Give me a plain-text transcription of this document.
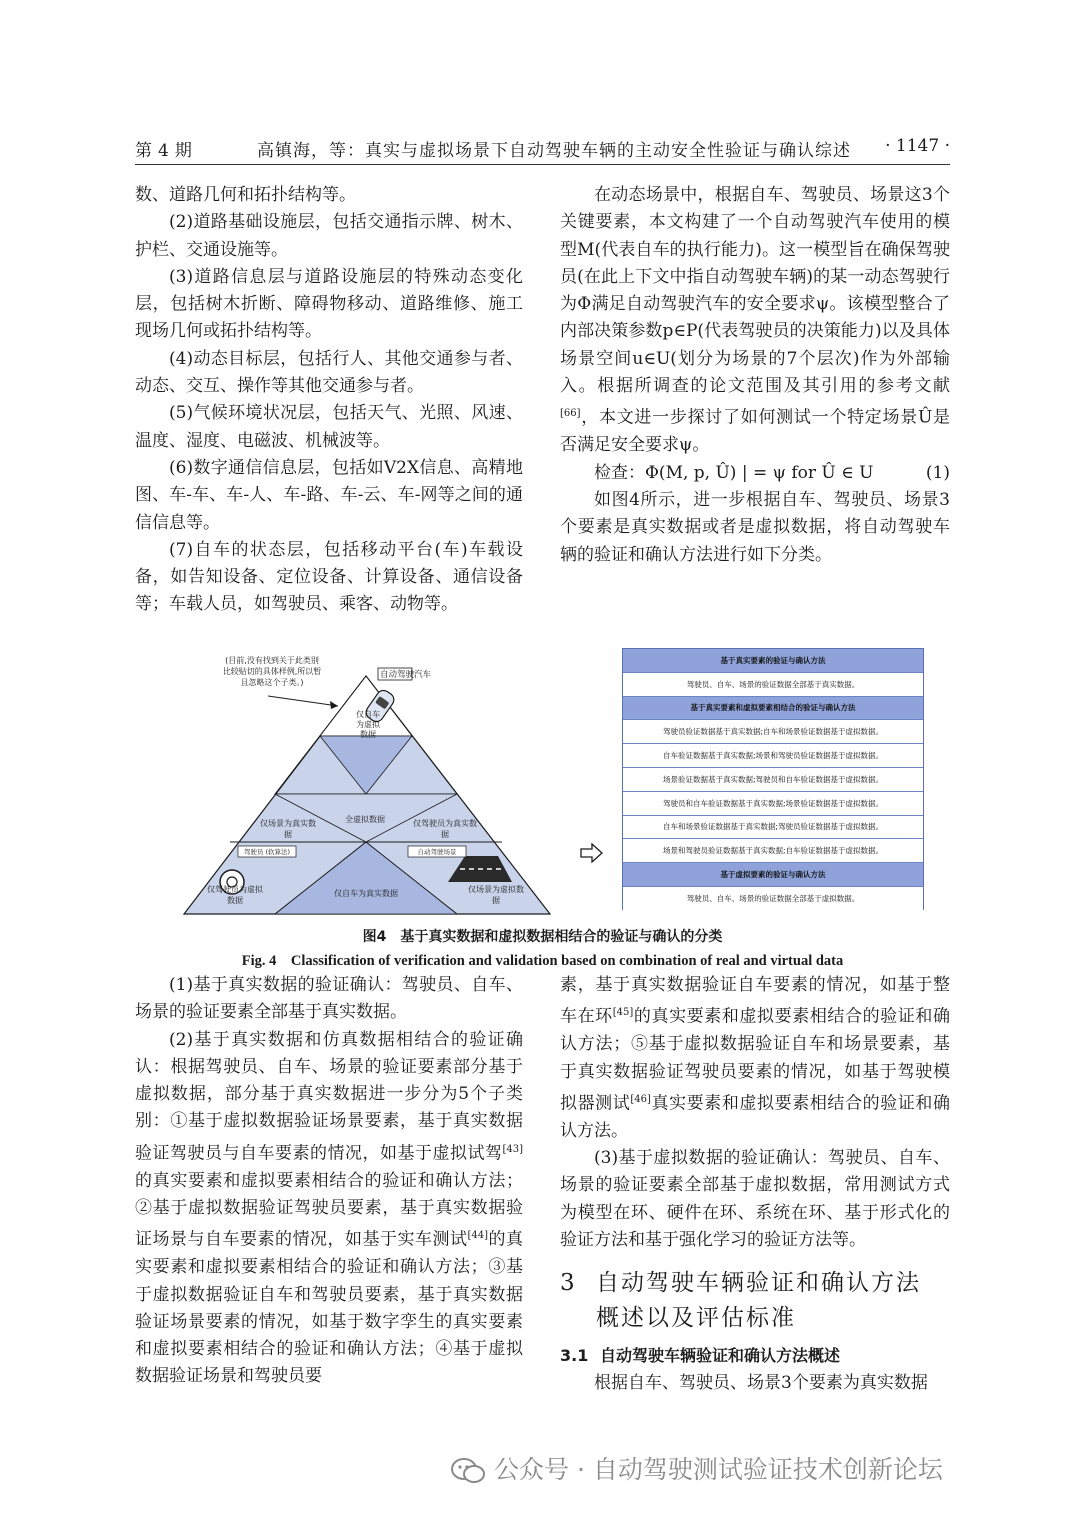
第4期	高镇海，等：真实与虚拟场景下自动驾驶车辆的主动安全性验证与确认综述 · 1147 ·

数、道路几何和拓扑结构等。

(2)道路基础设施层，包括交通指示牌、树木、护栏、交通设施等。

(3)道路信息层与道路设施层的特殊动态变化层，包括树木折断、障碍物移动、道路维修、施工现场几何或拓扑结构等。

(4)动态目标层，包括行人、其他交通参与者、动态、交互、操作等其他交通参与者。

(5)气候环境状况层，包括天气、光照、风速、温度、湿度、电磁波、机械波等。

(6)数字通信信息层，包括如V2X信息、高精地图、车-车、车-人、车-路、车-云、车-网等之间的通信信息等。

(7)自车的状态层，包括移动平台(车)车载设备，如告知设备、定位设备、计算设备、通信设备等；车载人员，如驾驶员、乘客、动物等。

在动态场景中，根据自车、驾驶员、场景这3个关键要素，本文构建了一个自动驾驶汽车使用的模型M(代表自车的执行能力)。这一模型旨在确保驾驶员(在此上下文中指自动驾驶车辆)的某一动态驾驶行为Φ满足自动驾驶汽车的安全要求ψ。该模型整合了内部决策参数p∈P(代表驾驶员的决策能力)以及具体场景空间u∈U(划分为场景的7个层次)作为外部输入。根据所调查的论文范围及其引用的参考文献[66]，本文进一步探讨了如何测试一个特定场景Û是否满足安全要求ψ。

检查：Φ(M, p, Û) | = ψ for Û ∈ U	(1)

如图4所示，进一步根据自车、驾驶员、场景3个要素是真实数据或者是虚拟数据，将自动驾驶车辆的验证和确认方法进行如下分类。

自动驾驶汽车
(目前,没有找到关于此类别比较贴切的具体样例,所以暂且忽略这个子类。)
仅自车为虚拟数据
仅场景为真实数据
全虚拟数据	仅驾驶员为真实数据
驾驶员 (软算法)	自动驾驶场景
仅驾驶员为虚拟数据
仅自车为真实数据	仅场景为虚拟数据
基于真实要素的验证与确认方法
驾驶员、自车、场景的验证数据全部基于真实数据。
基于真实要素和虚拟要素相结合的验证与确认方法
驾驶员验证数据基于真实数据;自车和场景验证数据基于虚拟数据。
自车验证数据基于真实数据;场景和驾驶员验证数据基于虚拟数据。
场景验证数据基于真实数据;驾驶员和自车验证数据基于虚拟数据。
驾驶员和自车验证数据基于真实数据;场景验证数据基于虚拟数据。
自车和场景验证数据基于真实数据;驾驶员验证数据基于虚拟数据。
场景和驾驶员验证数据基于真实数据;自车验证数据基于虚拟数据。
基于虚拟要素的验证与确认方法
驾驶员、自车、场景的验证数据全部基于虚拟数据。
图4　基于真实数据和虚拟数据相结合的验证与确认的分类
Fig. 4　Classification of verification and validation based on combination of real and virtual data

(1)基于真实数据的验证确认：驾驶员、自车、场景的验证要素全部基于真实数据。

(2)基于真实数据和仿真数据相结合的验证确认：根据驾驶员、自车、场景的验证要素部分基于虚拟数据，部分基于真实数据进一步分为5个子类别：①基于虚拟数据验证场景要素，基于真实数据验证驾驶员与自车要素的情况，如基于虚拟试驾[43]的真实要素和虚拟要素相结合的验证和确认方法；②基于虚拟数据验证驾驶员要素，基于真实数据验证场景与自车要素的情况，如基于实车测试[44]的真实要素和虚拟要素相结合的验证和确认方法；③基于虚拟数据验证自车和驾驶员要素，基于真实数据验证场景要素的情况，如基于数字孪生的真实要素和虚拟要素相结合的验证和确认方法；④基于虚拟数据验证场景和驾驶员要

素，基于真实数据验证自车要素的情况，如基于整车在环[45]的真实要素和虚拟要素相结合的验证和确认方法；⑤基于虚拟数据验证自车和场景要素，基于真实数据验证驾驶员要素的情况，如基于驾驶模拟器测试[46]真实要素和虚拟要素相结合的验证和确认方法。

(3)基于虚拟数据的验证确认：驾驶员、自车、场景的验证要素全部基于虚拟数据，常用测试方式为模型在环、硬件在环、系统在环、基于形式化的验证方法和基于强化学习的验证方法等。

3 自动驾驶车辆验证和确认方法
概述以及评估标准
3.1 自动驾驶车辆验证和确认方法概述

根据自车、驾驶员、场景3个要素为真实数据

公众号 · 自动驾驶测试验证技术创新论坛
